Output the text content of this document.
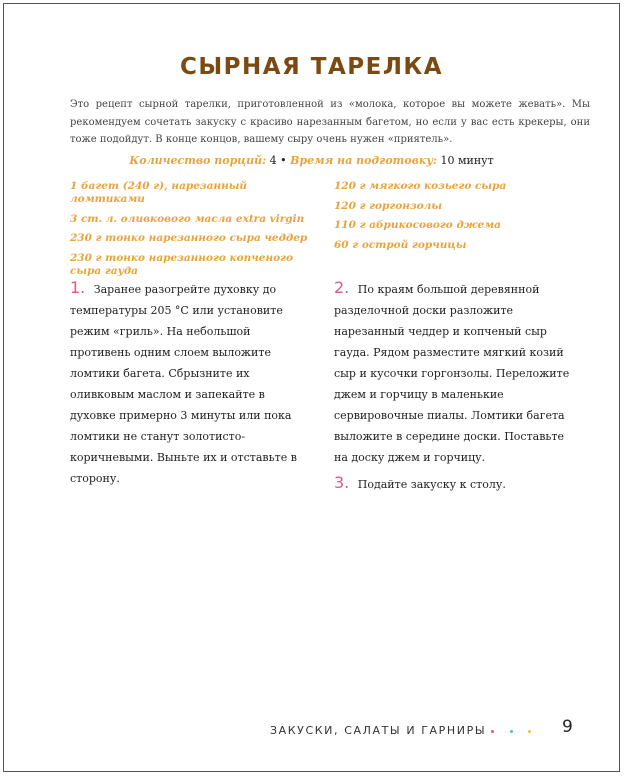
СЫРНАЯ ТАРЕЛКА
Это рецепт сырной тарелки, приготовленной из «молока, которое вы можете жевать». Мы рекомендуем сочетать закуску с красиво нарезанным багетом, но если у вас есть крекеры, они тоже подойдут. В конце концов, вашему сыру очень нужен «приятель».
Количество порций: 4 • Время на подготовку: 10 минут
1 багет (240 г), нарезанный ломтиками
3 ст. л. оливкового масла extra virgin
230 г тонко нарезанного сыра чеддер
230 г тонко нарезанного копченого сыра гауда
120 г мягкого козьего сыра
120 г горгонзолы
110 г абрикосового джема
60 г острой горчицы
1. Заранее разогрейте духовку до температуры 205 °С или установите режим «гриль». На небольшой противень одним слоем выложите ломтики багета. Сбрызните их оливковым маслом и запекайте в духовке примерно 3 минуты или пока ломтики не станут золотисто-коричневыми. Выньте их и отставьте в сторону.
2. По краям большой деревянной разделочной доски разложите нарезанный чеддер и копченый сыр гауда. Рядом разместите мягкий козий сыр и кусочки горгонзолы. Переложите джем и горчицу в маленькие сервировочные пиалы. Ломтики багета выложите в середине доски. Поставьте на доску джем и горчицу.
3. Подайте закуску к столу.
ЗАКУСКИ, САЛАТЫ И ГАРНИРЫ	9
